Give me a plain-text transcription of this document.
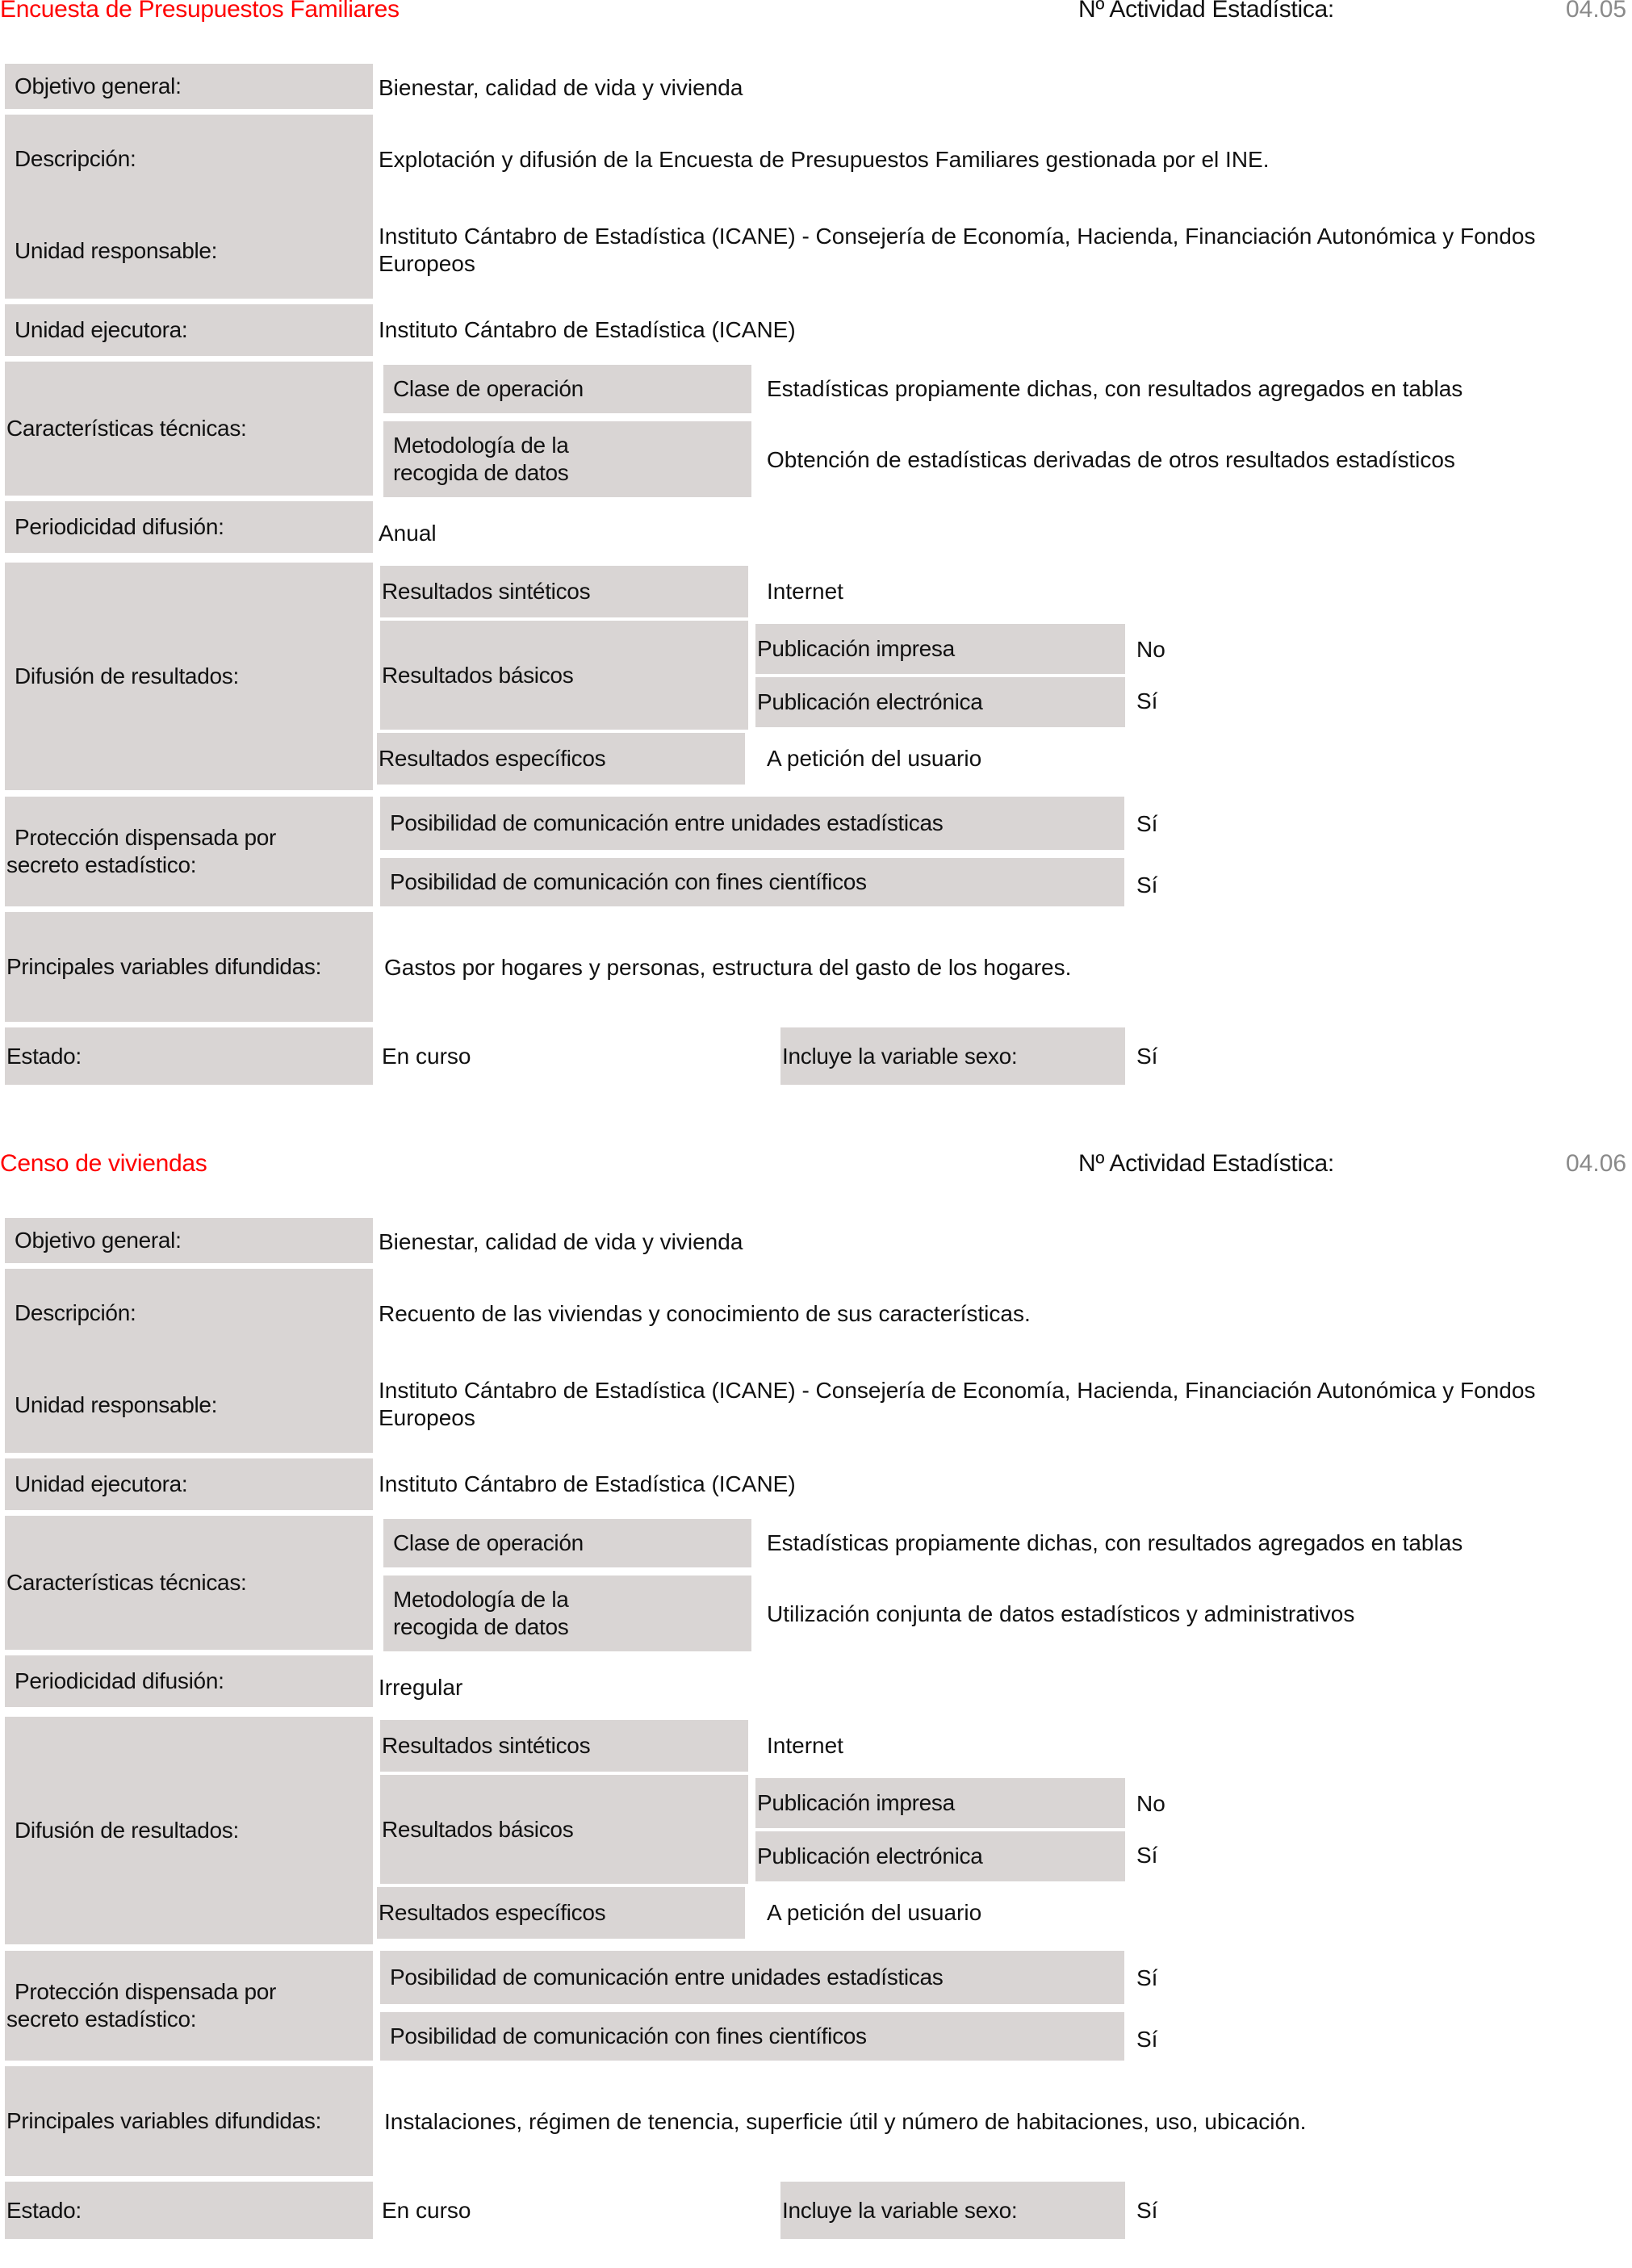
Encuesta de Presupuestos Familiares	Nº Actividad Estadística:	04.05
Objetivo general:	Bienestar, calidad de vida y vivienda
Descripción:	Explotación y difusión de la Encuesta de Presupuestos Familiares gestionada por el INE.
Unidad responsable:
Instituto Cántabro de Estadística (ICANE) - Consejería de Economía, Hacienda, Financiación Autonómica y Fondos
Europeos
Unidad ejecutora:	Instituto Cántabro de Estadística (ICANE)
Características técnicas:
Clase de operación	Estadísticas propiamente dichas, con resultados agregados en tablas
Metodología de la
recogida de datos
Obtención de estadísticas derivadas de otros resultados estadísticos
Periodicidad difusión:	Anual
Difusión de resultados:
Resultados sintéticos	Internet
Resultados básicos
Publicación impresa	No
Publicación electrónica	Sí
Resultados específicos	A petición del usuario
Protección dispensada por
secreto estadístico:
Posibilidad de comunicación entre unidades estadísticas	Sí
Posibilidad de comunicación con fines científicos	Sí
Principales variables difundidas:	Gastos por hogares y personas, estructura del gasto de los hogares.
Estado:	En curso	Incluye la variable sexo:	Sí
Censo de viviendas	Nº Actividad Estadística:	04.06
Objetivo general:	Bienestar, calidad de vida y vivienda
Descripción:	Recuento de las viviendas y conocimiento de sus características.
Unidad responsable:
Instituto Cántabro de Estadística (ICANE) - Consejería de Economía, Hacienda, Financiación Autonómica y Fondos
Europeos
Unidad ejecutora:	Instituto Cántabro de Estadística (ICANE)
Características técnicas:
Clase de operación	Estadísticas propiamente dichas, con resultados agregados en tablas
Metodología de la
recogida de datos
Utilización conjunta de datos estadísticos y administrativos
Periodicidad difusión:	Irregular
Difusión de resultados:
Resultados sintéticos	Internet
Resultados básicos
Publicación impresa	No
Publicación electrónica	Sí
Resultados específicos	A petición del usuario
Protección dispensada por
secreto estadístico:
Posibilidad de comunicación entre unidades estadísticas	Sí
Posibilidad de comunicación con fines científicos	Sí
Principales variables difundidas:	Instalaciones, régimen de tenencia, superficie útil y número de habitaciones, uso, ubicación.
Estado:	En curso	Incluye la variable sexo:	Sí
